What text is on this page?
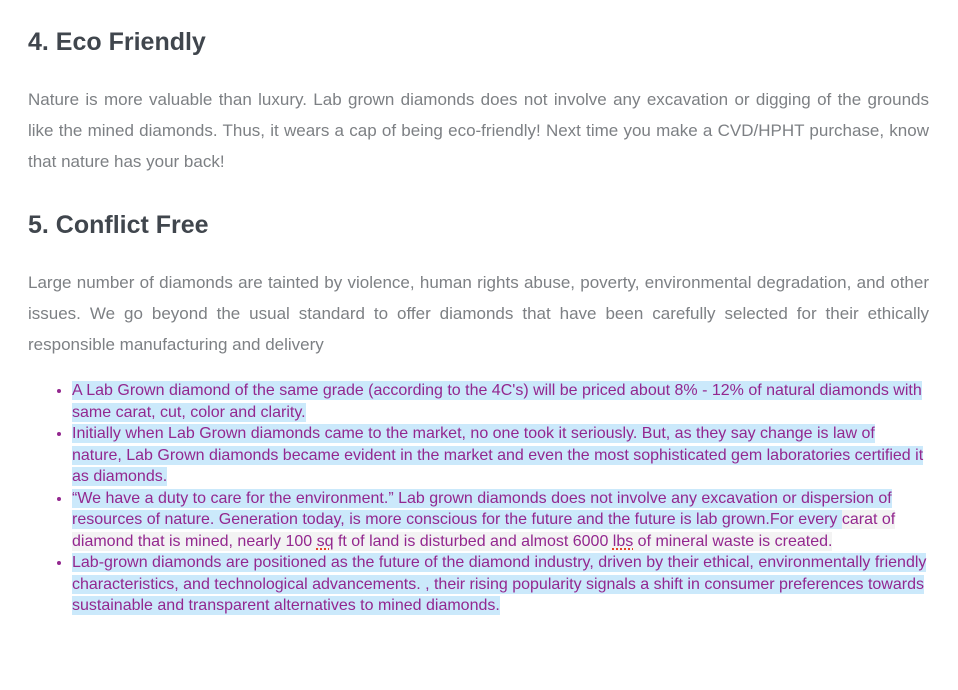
4. Eco Friendly

Nature is more valuable than luxury. Lab grown diamonds does not involve any excavation or digging of the grounds like the mined diamonds. Thus, it wears a cap of being eco-friendly! Next time you make a CVD/HPHT purchase, know that nature has your back!

5. Conflict Free

Large number of diamonds are tainted by violence, human rights abuse, poverty, environmental degradation, and other issues. We go beyond the usual standard to offer diamonds that have been carefully selected for their ethically responsible manufacturing and delivery

• A Lab Grown diamond of the same grade (according to the 4C's) will be priced about 8% - 12% of natural diamonds with same carat, cut, color and clarity.
• Initially when Lab Grown diamonds came to the market, no one took it seriously. But, as they say change is law of nature, Lab Grown diamonds became evident in the market and even the most sophisticated gem laboratories certified it as diamonds.
• “We have a duty to care for the environment.” Lab grown diamonds does not involve any excavation or dispersion of resources of nature. Generation today, is more conscious for the future and the future is lab grown.For every carat of diamond that is mined, nearly 100 sq ft of land is disturbed and almost 6000 lbs of mineral waste is created.
• Lab-grown diamonds are positioned as the future of the diamond industry, driven by their ethical, environmentally friendly characteristics, and technological advancements. , their rising popularity signals a shift in consumer preferences towards sustainable and transparent alternatives to mined diamonds.
